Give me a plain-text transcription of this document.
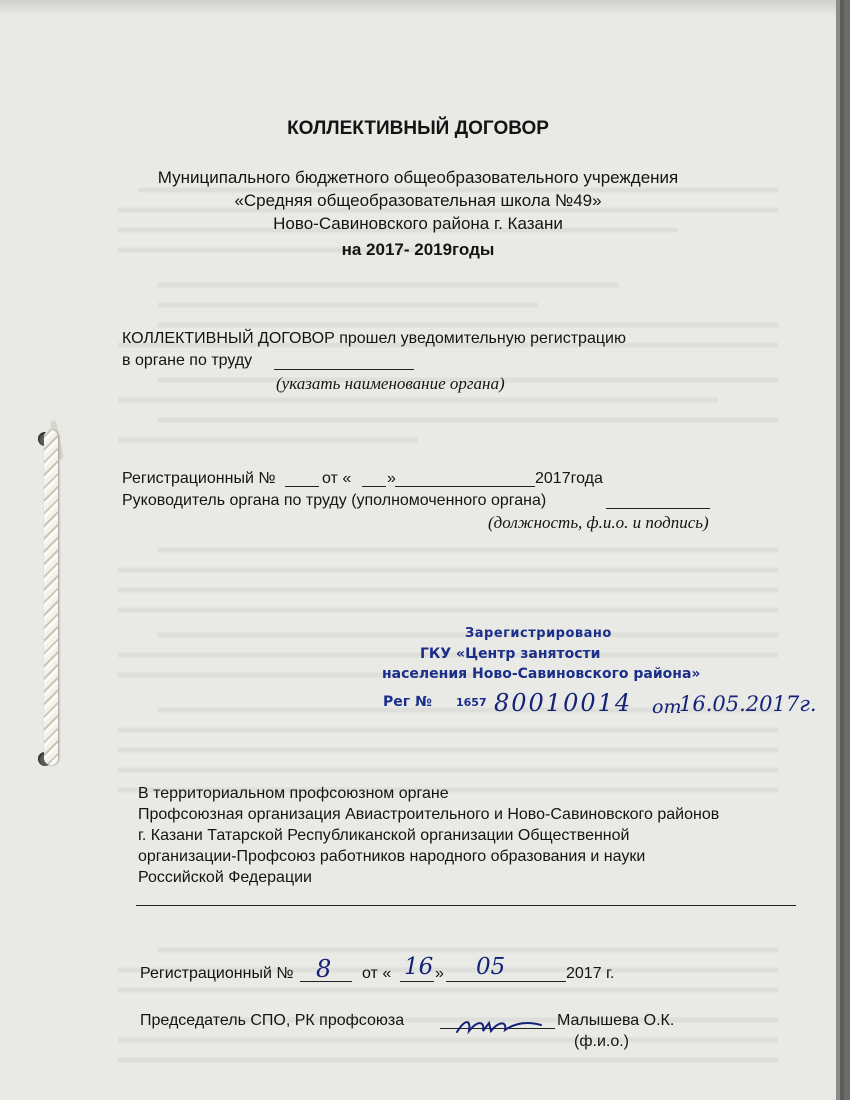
КОЛЛЕКТИВНЫЙ ДОГОВОР
Муниципального бюджетного общеобразовательного учреждения
«Средняя общеобразовательная школа №49»
Ново-Савиновского района г. Казани
на 2017- 2019годы
КОЛЛЕКТИВНЫЙ ДОГОВОР прошел уведомительную регистрацию
в органе по труду
(указать наименование органа)
Регистрационный №	от « »	2017года
Руководитель органа по труду (уполномоченного органа)
(должность, ф.и.о. и подпись)
Зарегистрировано
ГКУ «Центр занятости
населения Ново-Савиновского района»
Рег № 1657 80010014 от
16.05.2017г.
В территориальном профсоюзном органе
Профсоюзная организация Авиастроительного и Ново-Савиновского районов
г. Казани Татарской Республиканской организации Общественной
организации-Профсоюз работников народного образования и науки
Российской Федерации
Регистрационный № 8 от « 16 » 05	2017 г.
Председатель СПО, РК профсоюза	Малышева О.К.
(ф.и.о.)
